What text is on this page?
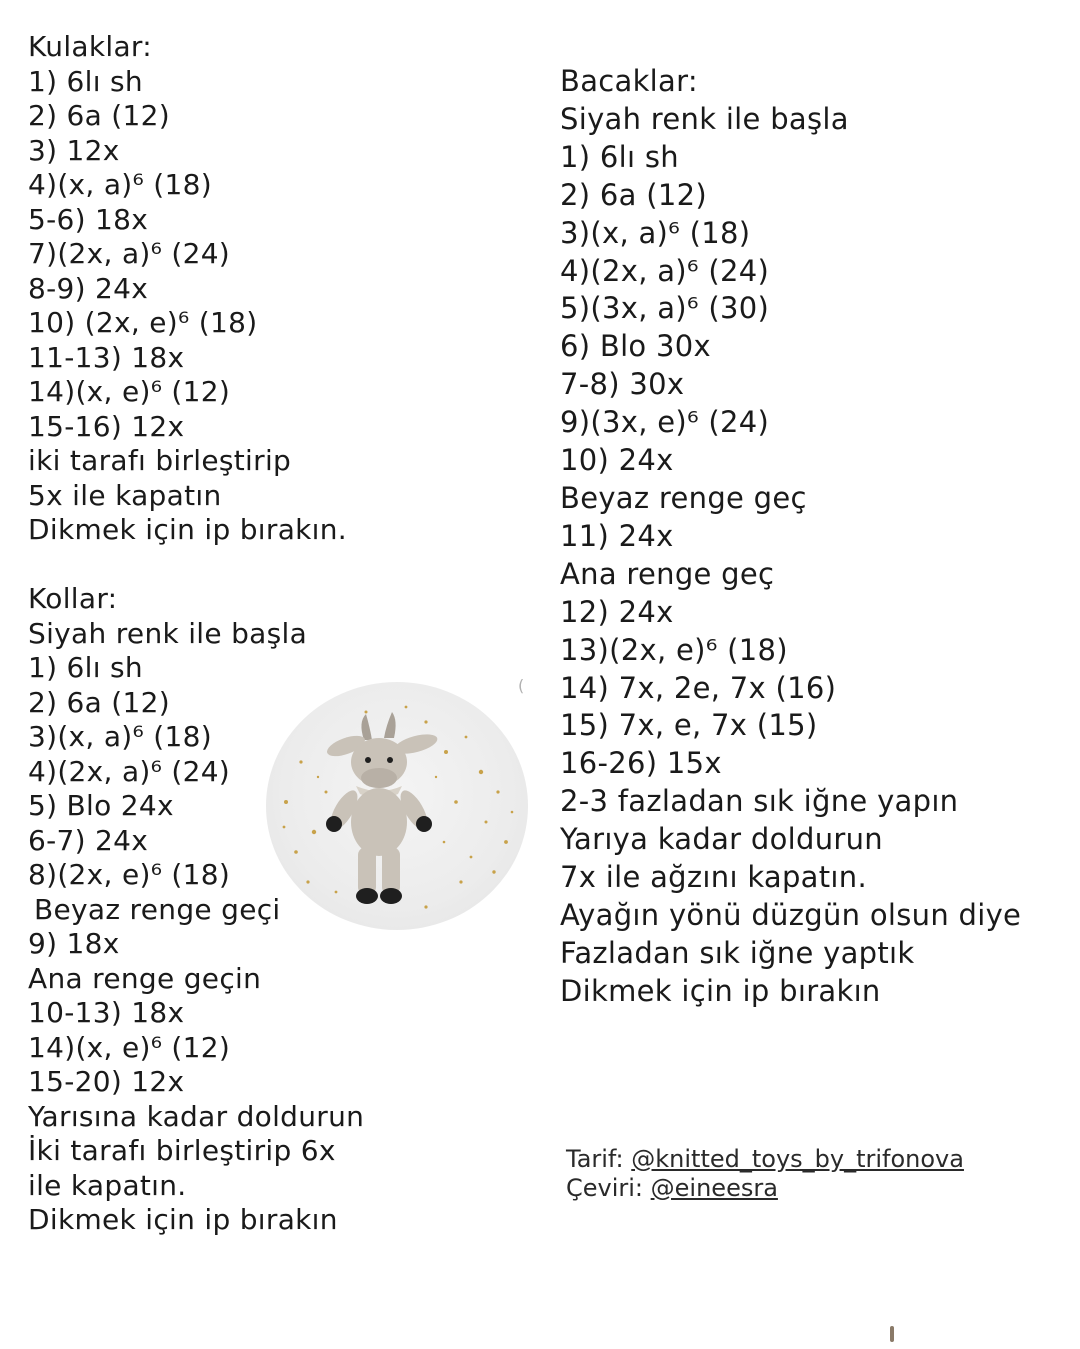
Kulaklar:
1) 6lı sh
2) 6a (12)
3) 12x
4)(x, a)⁶ (18)
5-6) 18x
7)(2x, a)⁶ (24)
8-9) 24x
10) (2x, e)⁶ (18)
11-13) 18x
14)(x, e)⁶ (12)
15-16) 12x
iki tarafı birleştirip
5x ile kapatın
Dikmek için ip bırakın.

Kollar:
Siyah renk ile başla
1) 6lı sh
2) 6a (12)
3)(x, a)⁶ (18)
4)(2x, a)⁶ (24)
5) Blo 24x
6-7) 24x
8)(2x, e)⁶ (18)
Beyaz renge geçi
9) 18x
Ana renge geçin
10-13) 18x
14)(x, e)⁶ (12)
15-20) 12x
Yarısına kadar doldurun
İki tarafı birleştirip 6x
ile kapatın.
Dikmek için ip bırakın
Bacaklar:
Siyah renk ile başla
1) 6lı sh
2) 6a (12)
3)(x, a)⁶ (18)
4)(2x, a)⁶ (24)
5)(3x, a)⁶ (30)
6) Blo 30x
7-8) 30x
9)(3x, e)⁶ (24)
10) 24x
Beyaz renge geç
11) 24x
Ana renge geç
12) 24x
13)(2x, e)⁶ (18)
14) 7x, 2e, 7x (16)
15) 7x, e, 7x (15)
16-26) 15x
2-3 fazladan sık iğne yapın
Yarıya kadar doldurun
7x ile ağzını kapatın.
Ayağın yönü düzgün olsun diye
Fazladan sık iğne yaptık
Dikmek için ip bırakın
(
Tarif: @knitted_toys_by_trifonova
Çeviri: @eineesra
